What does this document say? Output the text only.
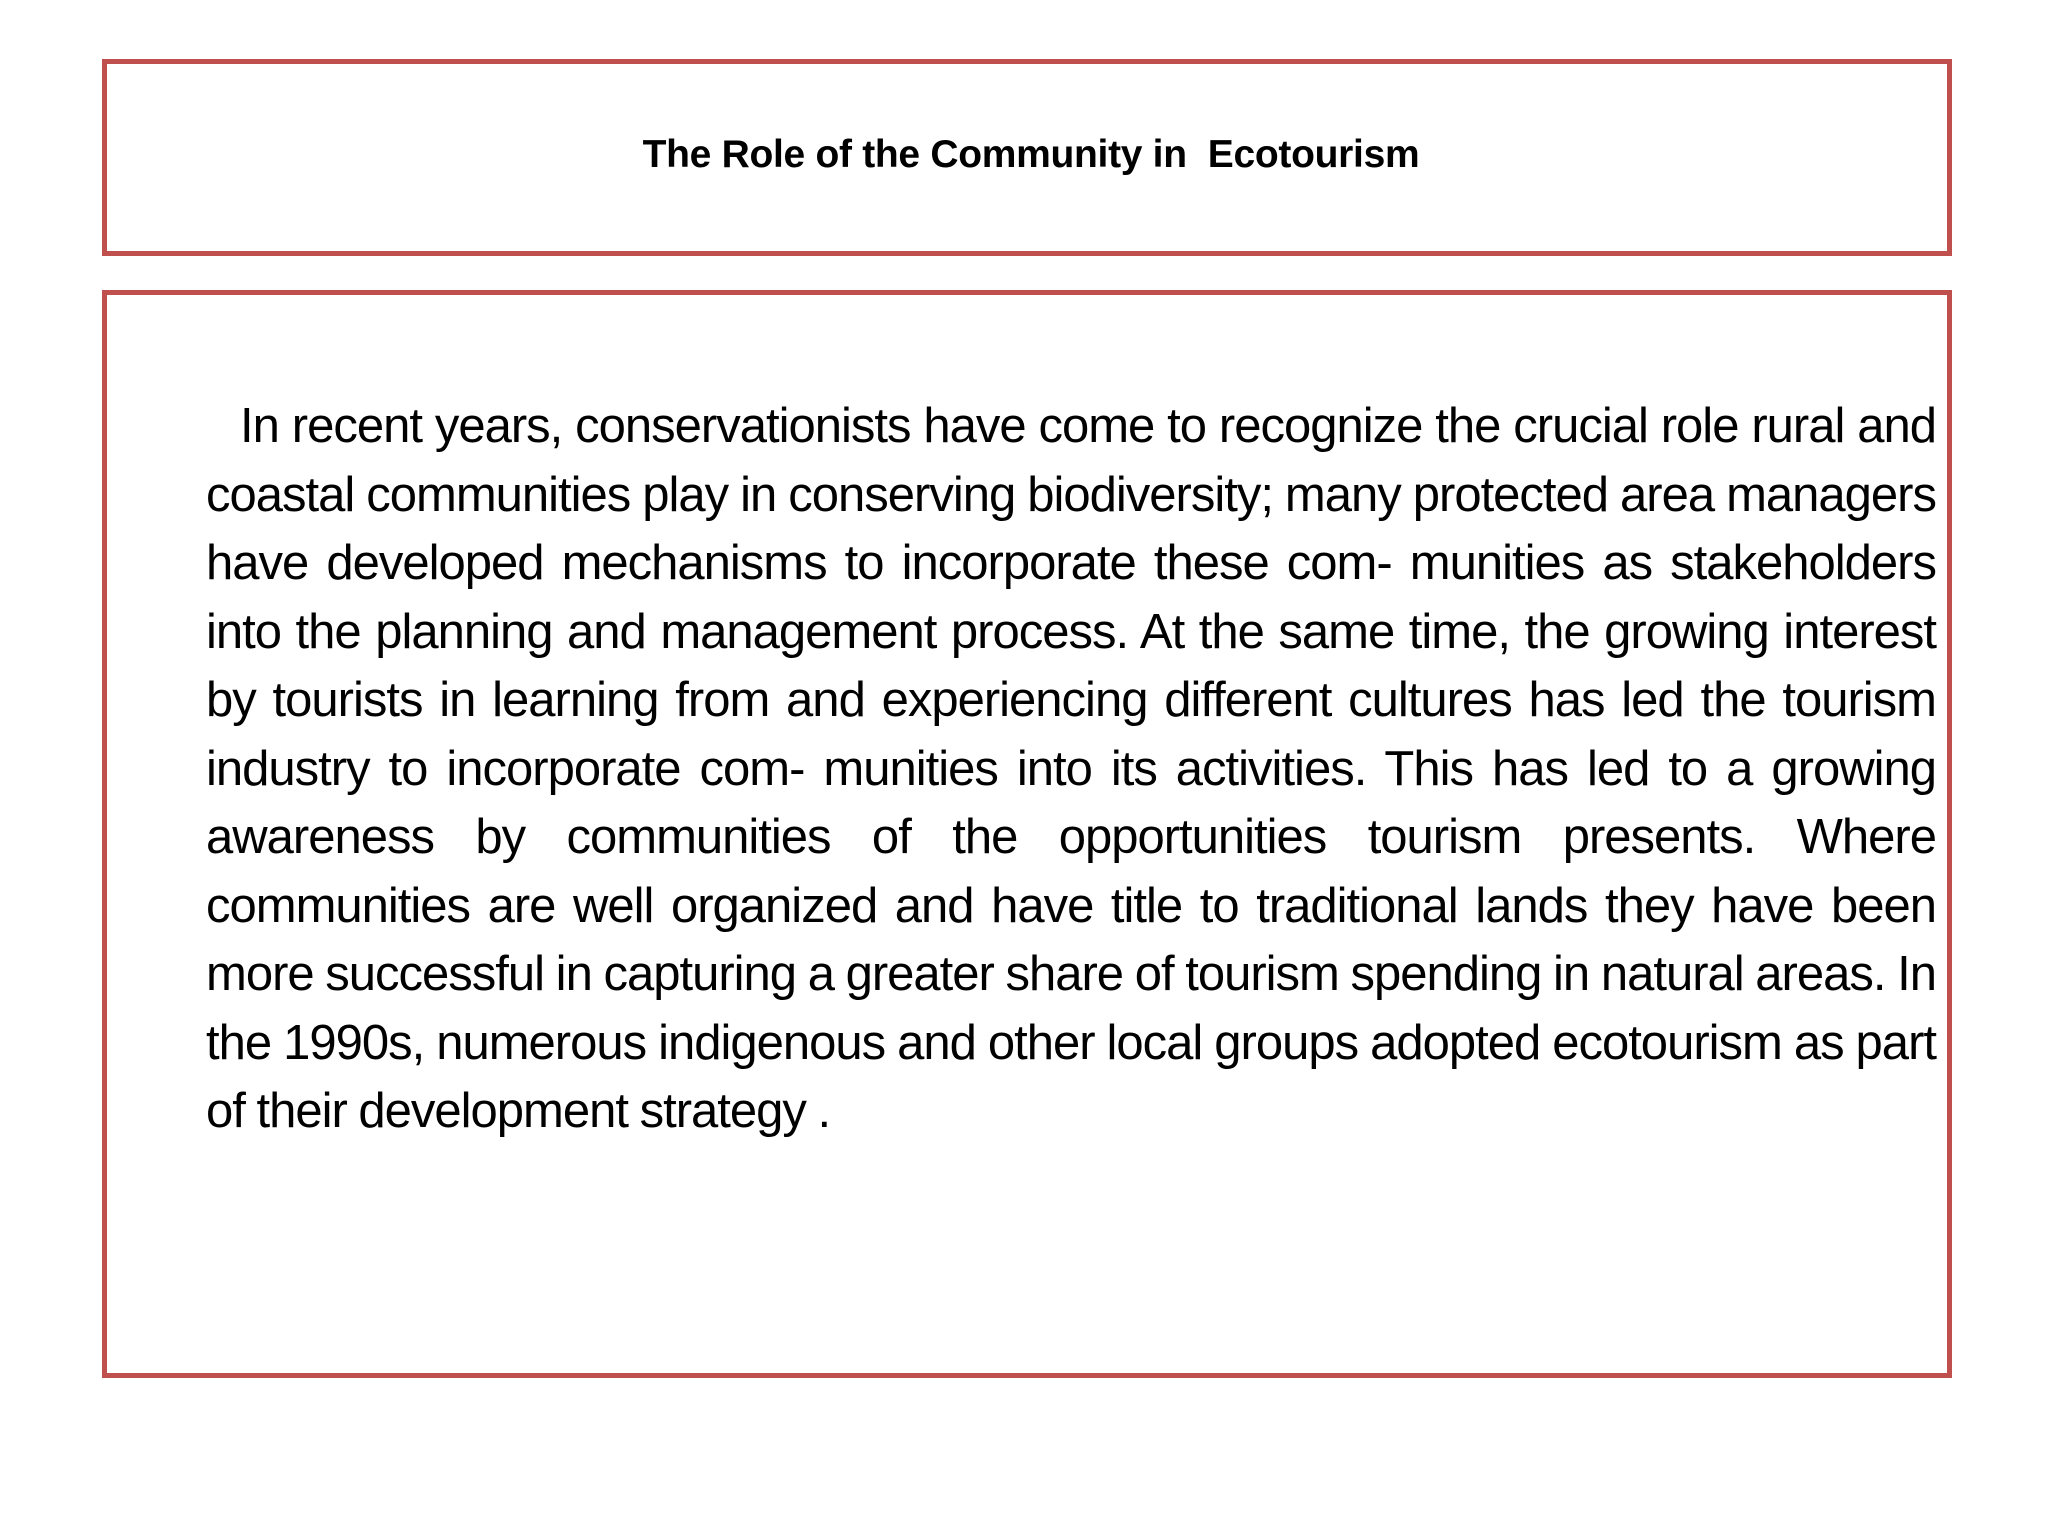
The Role of the Community in  Ecotourism

In recent years, conservationists have come to recognize the crucial role rural and coastal communities play in conserving biodiversity; many protected area managers have developed mechanisms to incorporate these com- munities as stakeholders into the planning and management process. At the same time, the growing interest by tourists in learning from and experiencing different cultures has led the tourism industry to incorporate com- munities into its activities. This has led to a growing awareness by communities of the opportunities tourism presents. Where communities are well organized and have title to traditional lands they have been more successful in capturing a greater share of tourism spending in natural areas. In the 1990s, numerous indigenous and other local groups adopted ecotourism as part of their development strategy .
